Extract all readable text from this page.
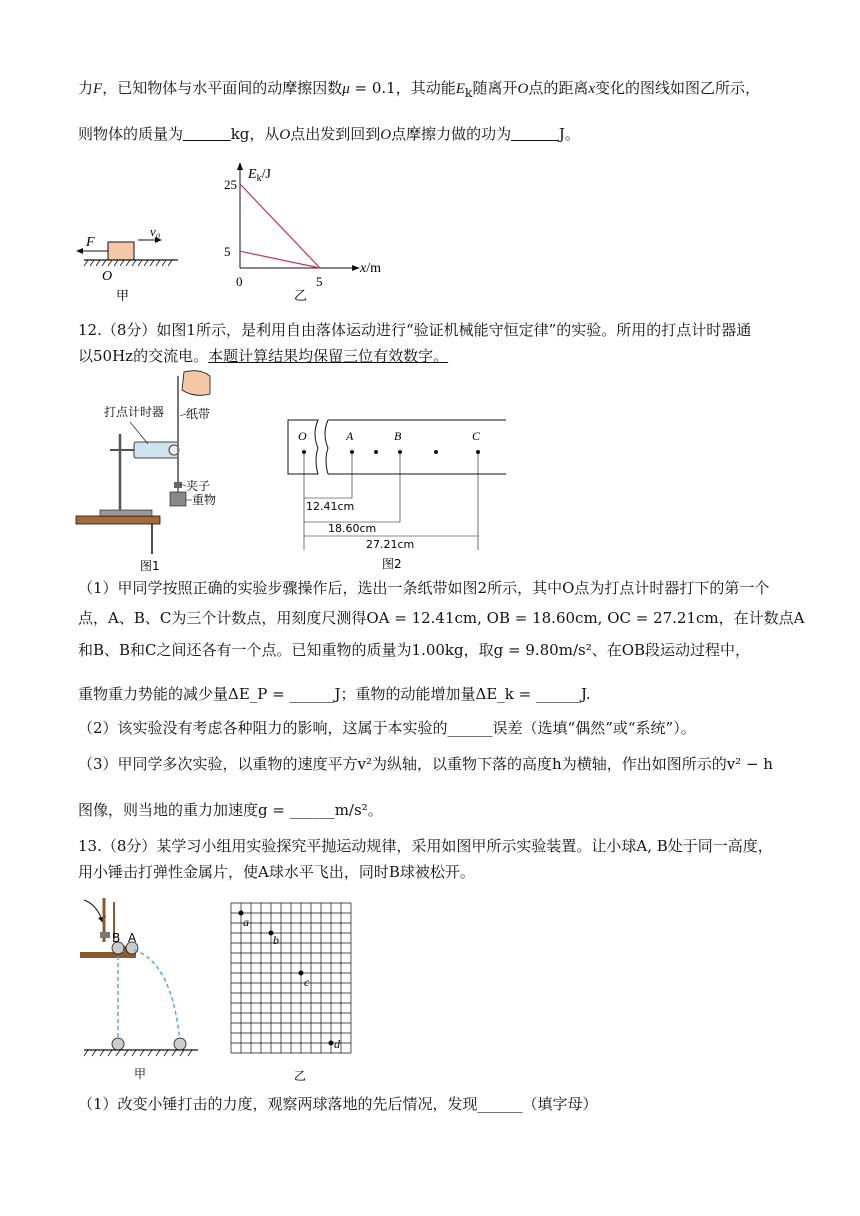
力F，已知物体与水平面间的动摩擦因数μ = 0.1，其动能$E_k$随离开O点的距离x变化的图线如图乙所示，
则物体的质量为	kg，从O点出发到回到O点摩擦力做的功为	J。
F
v₀
O
甲
$E_k/J$
x/m
25
5
0	5
乙
12.（8分）如图1所示，是利用自由落体运动进行“验证机械能守恒定律”的实验。所用的打点计时器通
以50Hz的交流电。本题计算结果均保留三位有效数字。
打点计时器 纸带
夹子
重物
图1
O	A	B	C
12.41cm
18.60cm
27.21cm
图2
（1）甲同学按照正确的实验步骤操作后，选出一条纸带如图2所示，其中O点为打点计时器打下的第一个
点，A、B、C为三个计数点，用刻度尺测得OA = 12.41cm, OB = 18.60cm, OC = 27.21cm，在计数点A
和B、B和C之间还各有一个点。已知重物的质量为1.00kg，取g = 9.80m/s²、在OB段运动过程中，
重物重力势能的减少量ΔE_P = ______J；重物的动能增加量ΔE_k = ______J.
（2）该实验没有考虑各种阻力的影响，这属于本实验的______误差（选填“偶然”或“系统”）。
（3）甲同学多次实验，以重物的速度平方v²为纵轴，以重物下落的高度h为横轴，作出如图所示的v² − h
图像，则当地的重力加速度g = ______m/s²。
13.（8分）某学习小组用实验探究平抛运动规律，采用如图甲所示实验装置。让小球A, B处于同一高度，
用小锤击打弹性金属片，使A球水平飞出，同时B球被松开。
B A
甲
a
b
c
d
乙
（1）改变小锤打击的力度，观察两球落地的先后情况，发现______（填字母）
